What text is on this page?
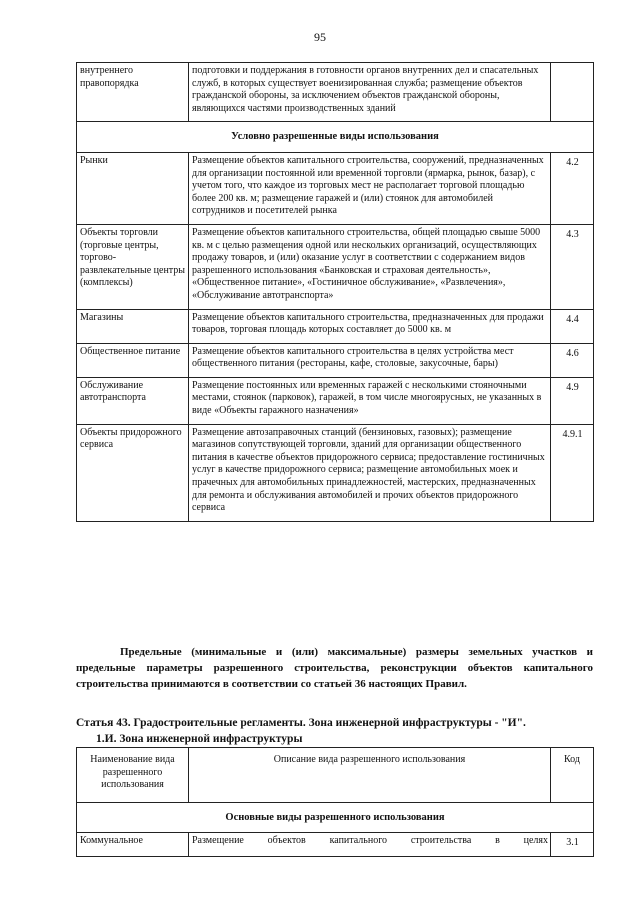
95
внутреннего правопорядка	подготовки и поддержания в готовности органов внутренних дел и спасательных служб, в которых существует военизированная служба; размещение объектов гражданской обороны, за исключением объектов гражданской обороны, являющихся частями производственных зданий	
Условно разрешенные виды использования		
Рынки	Размещение объектов капитального строительства, сооружений, предназначенных для организации постоянной или временной торговли (ярмарка, рынок, базар), с учетом того, что каждое из торговых мест не располагает торговой площадью более 200 кв. м; размещение гаражей и (или) стоянок для автомобилей сотрудников и посетителей рынка	4.2
Объекты торговли (торговые центры, торгово-развлекательные центры (комплексы)	Размещение объектов капитального строительства, общей площадью свыше 5000 кв. м с целью размещения одной или нескольких организаций, осуществляющих продажу товаров, и (или) оказание услуг в соответствии с содержанием видов разрешенного использования «Банковская и страховая деятельность», «Общественное питание», «Гостиничное обслуживание», «Развлечения», «Обслуживание автотранспорта»	4.3
Магазины	Размещение объектов капитального строительства, предназначенных для продажи товаров, торговая площадь которых составляет до 5000 кв. м	4.4
Общественное питание	Размещение объектов капитального строительства в целях устройства мест общественного питания (рестораны, кафе, столовые, закусочные, бары)	4.6
Обслуживание автотранспорта	Размещение постоянных или временных гаражей с несколькими стояночными местами, стоянок (парковок), гаражей, в том числе многоярусных, не указанных в виде «Объекты гаражного назначения»	4.9
Объекты придорожного сервиса	Размещение автозаправочных станций (бензиновых, газовых); размещение магазинов сопутствующей торговли, зданий для организации общественного питания в качестве объектов придорожного сервиса; предоставление гостиничных услуг в качестве придорожного сервиса; размещение автомобильных моек и прачечных для автомобильных принадлежностей, мастерских, предназначенных для ремонта и обслуживания автомобилей и прочих объектов придорожного сервиса	4.9.1
Предельные (минимальные и (или) максимальные) размеры земельных участков и предельные параметры разрешенного строительства, реконструкции объектов капитального строительства принимаются в соответствии со статьей 36 настоящих Правил.
Статья 43. Градостроительные регламенты. Зона инженерной инфраструктуры - "И".
1.И. Зона инженерной инфраструктуры
Наименование вида разрешенного использования	Описание вида разрешенного использования	Код
Основные виды разрешенного использования		
Коммунальное	Размещение объектов капитального строительства в целях	3.1
